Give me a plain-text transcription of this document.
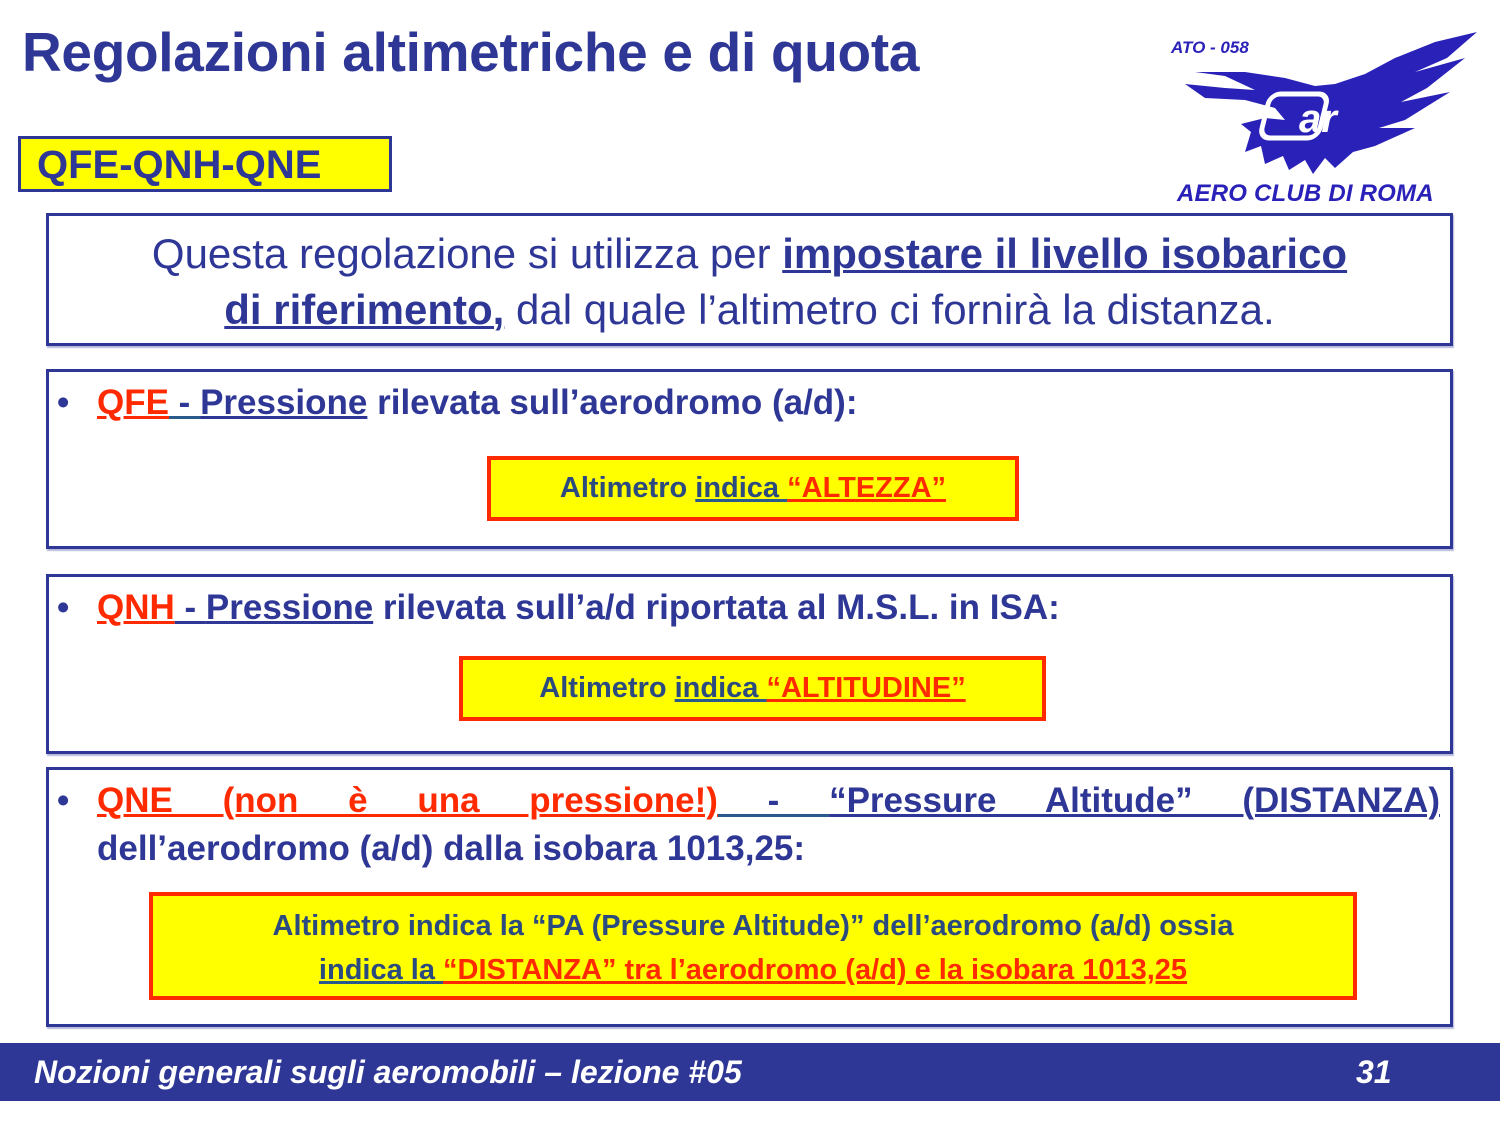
Regolazioni altimetriche e di quota
QFE-QNH-QNE
ar
ATO - 058
AERO CLUB DI ROMA
Questa regolazione si utilizza per impostare il livello isobarico
di riferimento, dal quale l’altimetro ci fornirà la distanza.
• QFE - Pressione rilevata sull’aerodromo (a/d):
Altimetro indica “ALTEZZA”
• QNH - Pressione rilevata sull’a/d riportata al M.S.L. in ISA:
Altimetro indica “ALTITUDINE”
• QNE (non è una pressione!) - “Pressure Altitude” (DISTANZA)
dell’aerodromo (a/d) dalla isobara 1013,25:
Altimetro indica la “PA (Pressure Altitude)” dell’aerodromo (a/d) ossia
indica la “DISTANZA” tra l’aerodromo (a/d) e la isobara 1013,25
Nozioni generali sugli aeromobili – lezione #05	31
